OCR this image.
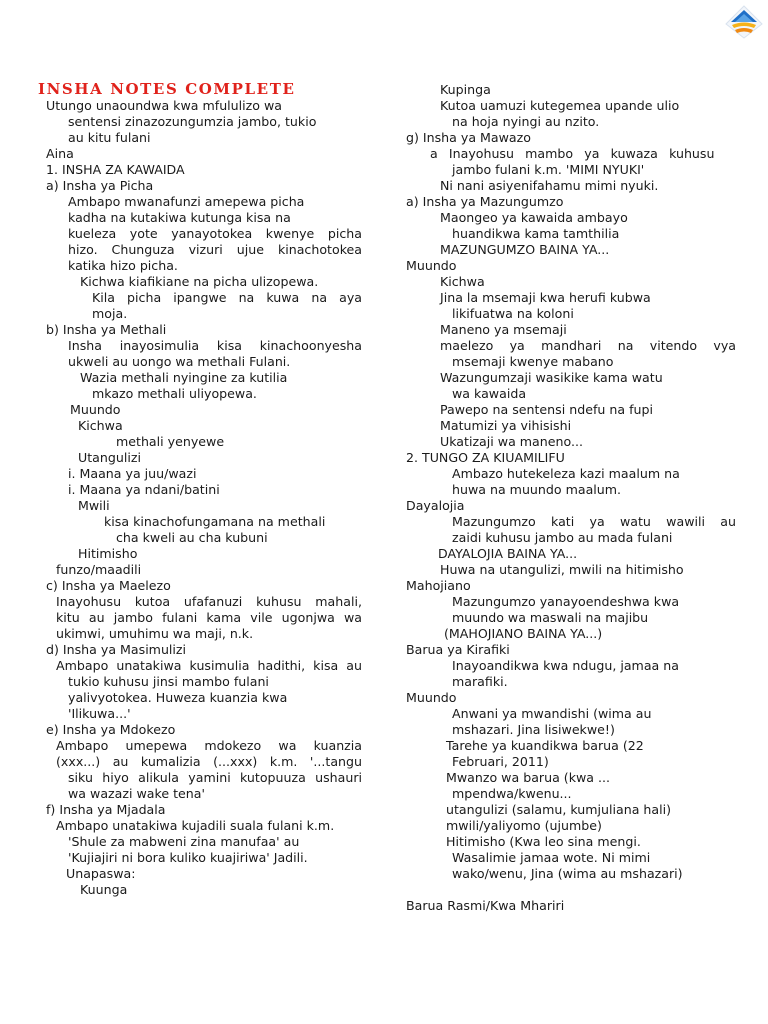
INSHA NOTES COMPLETE
Utungo unaoundwa kwa mfululizo wa
sentensi zinazozungumzia jambo, tukio
au kitu fulani
Aina
1. INSHA ZA KAWAIDA
a) Insha ya Picha
Ambapo mwanafunzi amepewa picha
kadha na kutakiwa kutunga kisa na
kueleza yote yanayotokea kwenye picha
hizo. Chunguza vizuri ujue kinachotokea
katika hizo picha.
Kichwa kiafikiane na picha ulizopewa.
Kila picha ipangwe na kuwa na aya
moja.
b) Insha ya Methali
Insha inayosimulia kisa kinachoonyesha
ukweli au uongo wa methali Fulani.
Wazia methali nyingine za kutilia
mkazo methali uliyopewa.
Muundo
Kichwa
methali yenyewe
Utangulizi
i. Maana ya juu/wazi
i. Maana ya ndani/batini
Mwili
kisa kinachofungamana na methali
cha kweli au cha kubuni
Hitimisho
funzo/maadili
c) Insha ya Maelezo
Inayohusu kutoa ufafanuzi kuhusu mahali,
kitu au jambo fulani kama vile ugonjwa wa
ukimwi, umuhimu wa maji, n.k.
d) Insha ya Masimulizi
Ambapo unatakiwa kusimulia hadithi, kisa au
tukio kuhusu jinsi mambo fulani
yalivyotokea. Huweza kuanzia kwa
'Ilikuwa...'
e) Insha ya Mdokezo
Ambapo umepewa mdokezo wa kuanzia
(xxx...) au kumalizia (...xxx) k.m. '...tangu
siku hiyo alikula yamini kutopuuza ushauri
wa wazazi wake tena'
f) Insha ya Mjadala
Ambapo unatakiwa kujadili suala fulani k.m.
'Shule za mabweni zina manufaa' au
'Kujiajiri ni bora kuliko kuajiriwa' Jadili.
Unapaswa:
Kuunga
Kupinga
Kutoa uamuzi kutegemea upande ulio
na hoja nyingi au nzito.
g) Insha ya Mawazo
a Inayohusu mambo ya kuwaza kuhusu
jambo fulani k.m. 'MIMI NYUKI'
Ni nani asiyenifahamu mimi nyuki.
a) Insha ya Mazungumzo
Maongeo ya kawaida ambayo
huandikwa kama tamthilia
MAZUNGUMZO BAINA YA...
Muundo
Kichwa
Jina la msemaji kwa herufi kubwa
likifuatwa na koloni
Maneno ya msemaji
maelezo ya mandhari na vitendo vya
msemaji kwenye mabano
Wazungumzaji wasikike kama watu
wa kawaida
Pawepo na sentensi ndefu na fupi
Matumizi ya vihisishi
Ukatizaji wa maneno...
2. TUNGO ZA KIUAMILIFU
Ambazo hutekeleza kazi maalum na
huwa na muundo maalum.
Dayalojia
Mazungumzo kati ya watu wawili au
zaidi kuhusu jambo au mada fulani
DAYALOJIA BAINA YA...
Huwa na utangulizi, mwili na hitimisho
Mahojiano
Mazungumzo yanayoendeshwa kwa
muundo wa maswali na majibu
(MAHOJIANO BAINA YA...)
Barua ya Kirafiki
Inayoandikwa kwa ndugu, jamaa na
marafiki.
Muundo
Anwani ya mwandishi (wima au
mshazari. Jina lisiwekwe!)
Tarehe ya kuandikwa barua (22
Februari, 2011)
Mwanzo wa barua (kwa ...
mpendwa/kwenu...
utangulizi (salamu, kumjuliana hali)
mwili/yaliyomo (ujumbe)
Hitimisho (Kwa leo sina mengi.
Wasalimie jamaa wote. Ni mimi
wako/wenu, Jina (wima au mshazari)
Barua Rasmi/Kwa Mhariri
